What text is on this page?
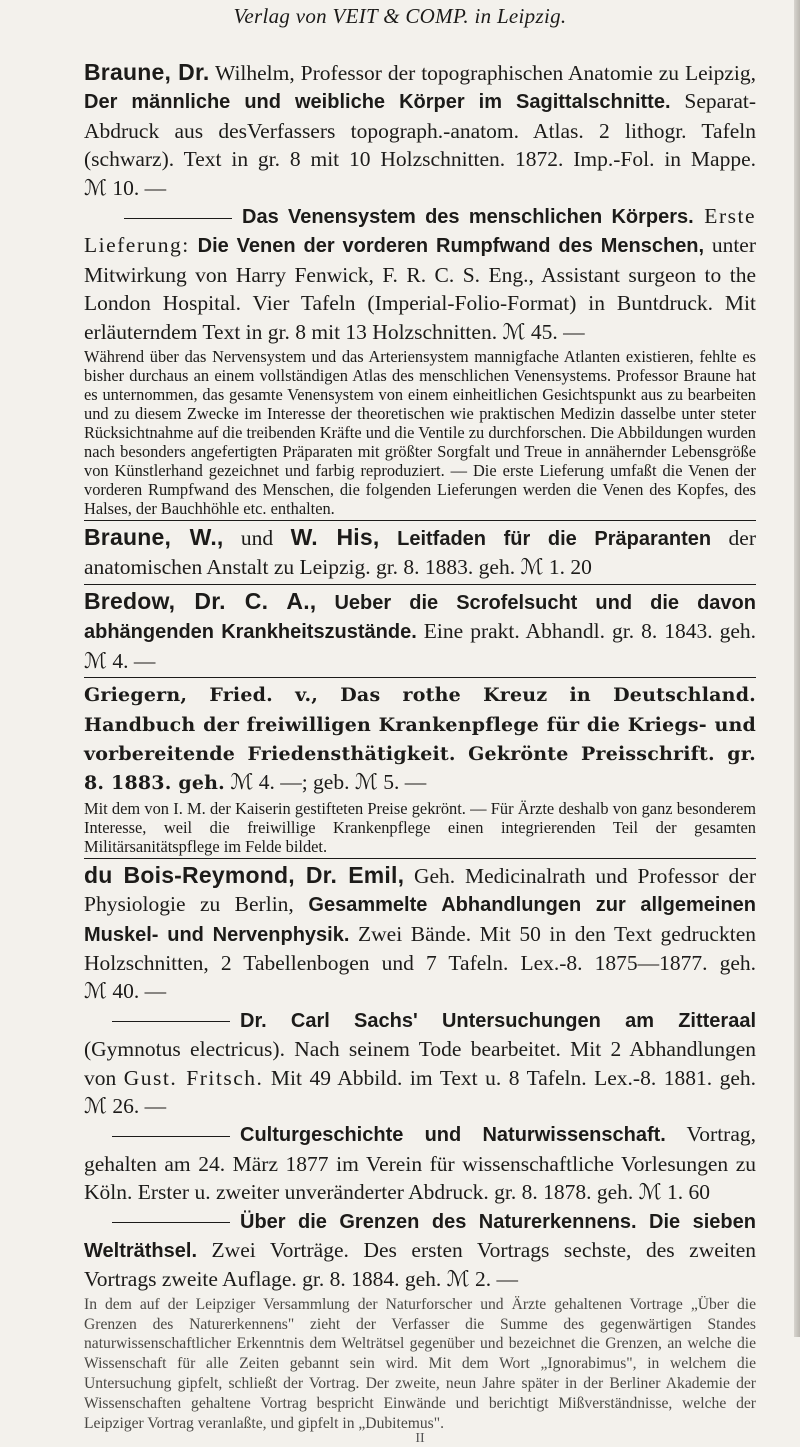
Verlag von VEIT & COMP. in Leipzig.

Braune, Dr. Wilhelm, Professor der topographischen Anatomie zu Leipzig, Der männliche und weibliche Körper im Sagittalschnitte. Separat-Abdruck aus desVerfassers topograph.-anatom. Atlas. 2 lithogr. Tafeln (schwarz). Text in gr. 8 mit 10 Holzschnitten. 1872. Imp.-Fol. in Mappe. ℳ 10. —

Das Venensystem des menschlichen Körpers. Erste Lieferung: Die Venen der vorderen Rumpfwand des Menschen, unter Mitwirkung von Harry Fenwick, F. R. C. S. Eng., Assistant surgeon to the London Hospital. Vier Tafeln (Imperial-Folio-Format) in Buntdruck. Mit erläuterndem Text in gr. 8 mit 13 Holzschnitten. ℳ 45. —

Während über das Nervensystem und das Arteriensystem mannigfache Atlanten existieren, fehlte es bisher durchaus an einem vollständigen Atlas des menschlichen Venensystems. Professor Braune hat es unternommen, das gesamte Venensystem von einem einheitlichen Gesichtspunkt aus zu bearbeiten und zu diesem Zwecke im Interesse der theoretischen wie praktischen Medizin dasselbe unter steter Rücksichtnahme auf die treibenden Kräfte und die Ventile zu durchforschen. Die Abbildungen wurden nach besonders angefertigten Präparaten mit größter Sorgfalt und Treue in annähernder Lebensgröße von Künstlerhand gezeichnet und farbig reproduziert. — Die erste Lieferung umfaßt die Venen der vorderen Rumpfwand des Menschen, die folgenden Lieferungen werden die Venen des Kopfes, des Halses, der Bauchhöhle etc. enthalten.

Braune, W., und W. His, Leitfaden für die Präparanten der anatomischen Anstalt zu Leipzig. gr. 8. 1883. geh. ℳ 1. 20

Bredow, Dr. C. A., Ueber die Scrofelsucht und die davon abhängenden Krankheitszustände. Eine prakt. Abhandl. gr. 8. 1843. geh. ℳ 4. —

Griegern, Fried. v., Das rothe Kreuz in Deutschland. Handbuch der freiwilligen Krankenpflege für die Kriegs- und vorbereitende Friedensthätigkeit. Gekrönte Preisschrift. gr. 8. 1883. geh. ℳ 4. —; geb. ℳ 5. —

Mit dem von I. M. der Kaiserin gestifteten Preise gekrönt. — Für Ärzte deshalb von ganz besonderem Interesse, weil die freiwillige Krankenpflege einen integrierenden Teil der gesamten Militärsanitätspflege im Felde bildet.

du Bois-Reymond, Dr. Emil, Geh. Medicinalrath und Professor der Physiologie zu Berlin, Gesammelte Abhandlungen zur allgemeinen Muskel- und Nervenphysik. Zwei Bände. Mit 50 in den Text gedruckten Holzschnitten, 2 Tabellenbogen und 7 Tafeln. Lex.-8. 1875—1877. geh. ℳ 40. —

Dr. Carl Sachs' Untersuchungen am Zitteraal (Gymnotus electricus). Nach seinem Tode bearbeitet. Mit 2 Abhandlungen von Gust. Fritsch. Mit 49 Abbild. im Text u. 8 Tafeln. Lex.-8. 1881. geh. ℳ 26. —

Culturgeschichte und Naturwissenschaft. Vortrag, gehalten am 24. März 1877 im Verein für wissenschaftliche Vorlesungen zu Köln. Erster u. zweiter unveränderter Abdruck. gr. 8. 1878. geh. ℳ 1. 60

Über die Grenzen des Naturerkennens. Die sieben Welträthsel. Zwei Vorträge. Des ersten Vortrags sechste, des zweiten Vortrags zweite Auflage. gr. 8. 1884. geh. ℳ 2. —

In dem auf der Leipziger Versammlung der Naturforscher und Ärzte gehaltenen Vortrage „Über die Grenzen des Naturerkennens" zieht der Verfasser die Summe des gegenwärtigen Standes naturwissenschaftlicher Erkenntnis dem Welträtsel gegenüber und bezeichnet die Grenzen, an welche die Wissenschaft für alle Zeiten gebannt sein wird. Mit dem Wort „Ignorabimus", in welchem die Untersuchung gipfelt, schließt der Vortrag. Der zweite, neun Jahre später in der Berliner Akademie der Wissenschaften gehaltene Vortrag bespricht Einwände und berichtigt Mißverständnisse, welche der Leipziger Vortrag veranlaßte, und gipfelt in „Dubitemus".

II
